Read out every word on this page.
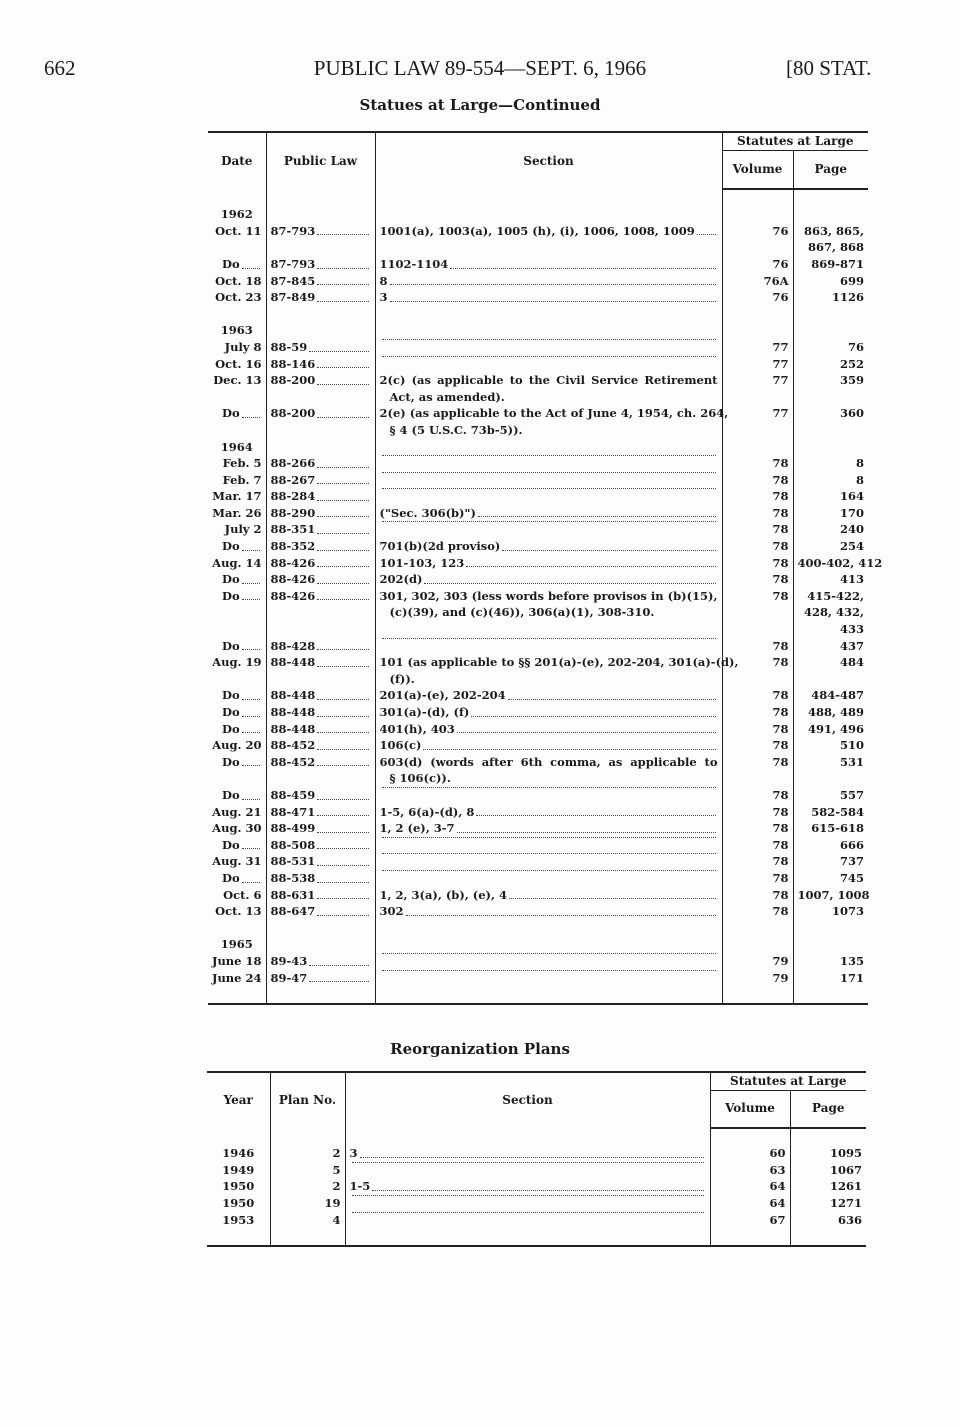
662	PUBLIC LAW 89-554—SEPT. 6, 1966	[80 STAT.
Statues at Large—Continued
Date	Public Law	Section	Statutes at Large	
			Volume	Page

1962				
Oct. 11	87-793	1001(a), 1003(a), 1005 (h), (i), 1006, 1008, 1009	76	863, 865,
				867, 868

Do	87-793	1102-1104	76	869-871
Oct. 18	87-845	8	76A	699
Oct. 23	87-849	3	76	1126

1963				
July 8	88-59		77	76
Oct. 16	88-146		77	252
Dec. 13	88-200	2(c) (as applicable to the Civil Service Retirement	77	359
		Act, as amended).		

Do	88-200	2(e) (as applicable to the Act of June 4, 1954, ch. 264,	77	360
		§ 4 (5 U.S.C. 73b-5)).		
1964				
Feb. 5	88-266		78	8
Feb. 7	88-267		78	8
Mar. 17	88-284		78	164
Mar. 26	88-290	("Sec. 306(b)")	78	170
July 2	88-351		78	240

Do	88-352	701(b)(2d proviso)	78	254
Aug. 14	88-426	101-103, 123	78	400-402, 412

Do	88-426	202(d)	78	413

Do	88-426	301, 302, 303 (less words before provisos in (b)(15),	78	415-422,
		(c)(39), and (c)(46)), 306(a)(1), 308-310.		428, 432,
				433

Do	88-428		78	437
Aug. 19	88-448	101 (as applicable to §§ 201(a)-(e), 202-204, 301(a)-(d),	78	484
		(f)).		

Do	88-448	201(a)-(e), 202-204	78	484-487

Do	88-448	301(a)-(d), (f)	78	488, 489

Do	88-448	401(h), 403	78	491, 496
Aug. 20	88-452	106(c)	78	510

Do	88-452	603(d) (words after 6th comma, as applicable to	78	531
		§ 106(c)).		

Do	88-459		78	557
Aug. 21	88-471	1-5, 6(a)-(d), 8	78	582-584
Aug. 30	88-499	1, 2 (e), 3-7	78	615-618

Do	88-508		78	666
Aug. 31	88-531		78	737

Do	88-538		78	745
Oct. 6	88-631	1, 2, 3(a), (b), (e), 4	78	1007, 1008
Oct. 13	88-647	302	78	1073

1965				
June 18	89-43		79	135
June 24	89-47		79	171

Reorganization Plans
Year	Plan No.	Section	Statutes at Large	
			Volume	Page

1946	2	3	60	1095
1949	5		63	1067
1950	2	1-5	64	1261
1950	19		64	1271
1953	4		67	636
